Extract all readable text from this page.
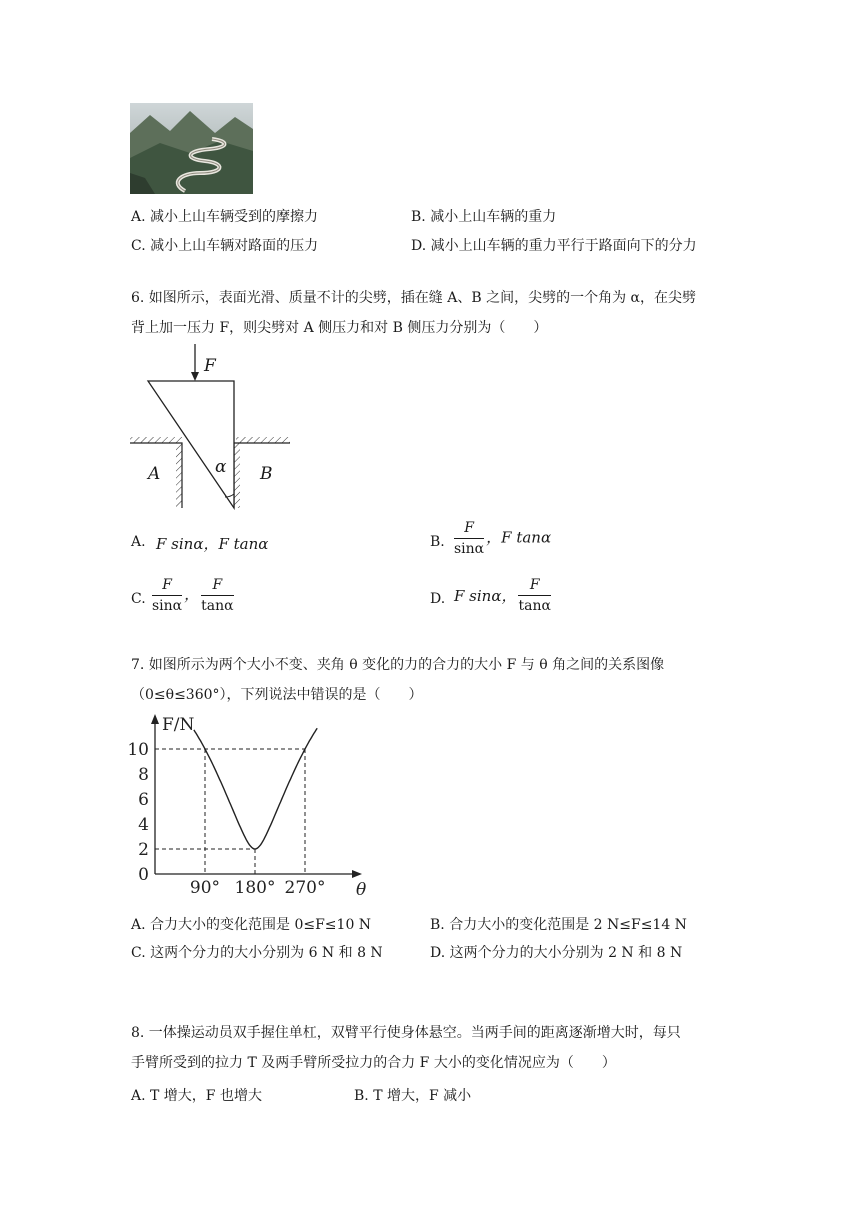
A. 减小上山车辆受到的摩擦力	B. 减小上山车辆的重力
C. 减小上山车辆对路面的压力	D. 减小上山车辆的重力平行于路面向下的分力
6. 如图所示，表面光滑、质量不计的尖劈，插在缝 A、B 之间，尖劈的一个角为 α，在尖劈
背上加一压力 F，则尖劈对 A 侧压力和对 B 侧压力分别为（　　）
F
A	B
α
A. F sinα，F tanα	B. $\frac{F}{\sin\alpha}$ ，F tanα
C. $\frac{F}{\sin\alpha}$ ， $\frac{F}{\tan\alpha}$	D. F sinα， $\frac{F}{\tan\alpha}$
7. 如图所示为两个大小不变、夹角 θ 变化的力的合力的大小 F 与 θ 角之间的关系图像
（0≤θ≤360°），下列说法中错误的是（　　）
θ
F/N
0
2
4
6
8
10
90° 180° 270°
A. 合力大小的变化范围是 0≤F≤10 N	B. 合力大小的变化范围是 2 N≤F≤14 N
C. 这两个分力的大小分别为 6 N 和 8 N	D. 这两个分力的大小分别为 2 N 和 8 N
8. 一体操运动员双手握住单杠，双臂平行使身体悬空。当两手间的距离逐渐增大时，每只
手臂所受到的拉力 T 及两手臂所受拉力的合力 F 大小的变化情况应为（　　）
A. T 增大，F 也增大	B. T 增大，F 减小
